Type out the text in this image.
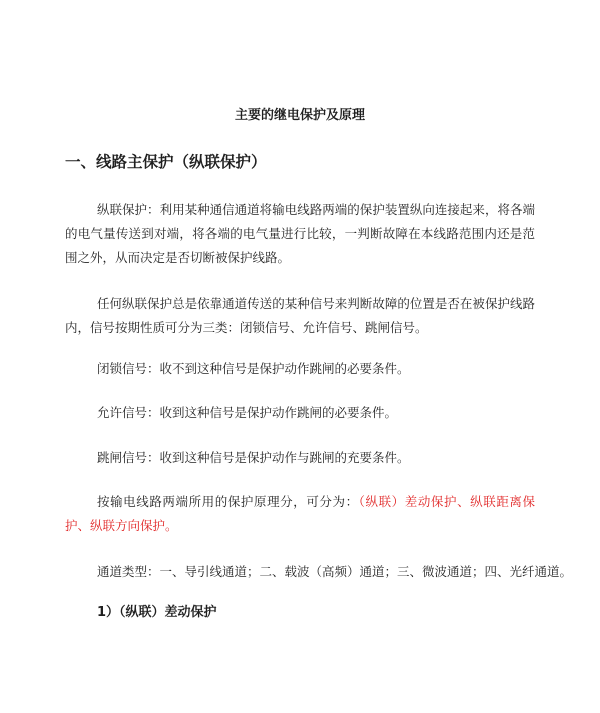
主要的继电保护及原理
一、线路主保护（纵联保护）

纵联保护：利用某种通信通道将输电线路两端的保护装置纵向连接起来，将各端的电气量传送到对端，将各端的电气量进行比较，一判断故障在本线路范围内还是范围之外，从而决定是否切断被保护线路。

任何纵联保护总是依靠通道传送的某种信号来判断故障的位置是否在被保护线路内，信号按期性质可分为三类：闭锁信号、允许信号、跳闸信号。

闭锁信号：收不到这种信号是保护动作跳闸的必要条件。

允许信号：收到这种信号是保护动作跳闸的必要条件。

跳闸信号：收到这种信号是保护动作与跳闸的充要条件。

按输电线路两端所用的保护原理分，可分为：（纵联）差动保护、纵联距离保护、纵联方向保护。

通道类型：一、导引线通道；二、载波（高频）通道；三、微波通道；四、光纤通道。

1）（纵联）差动保护
